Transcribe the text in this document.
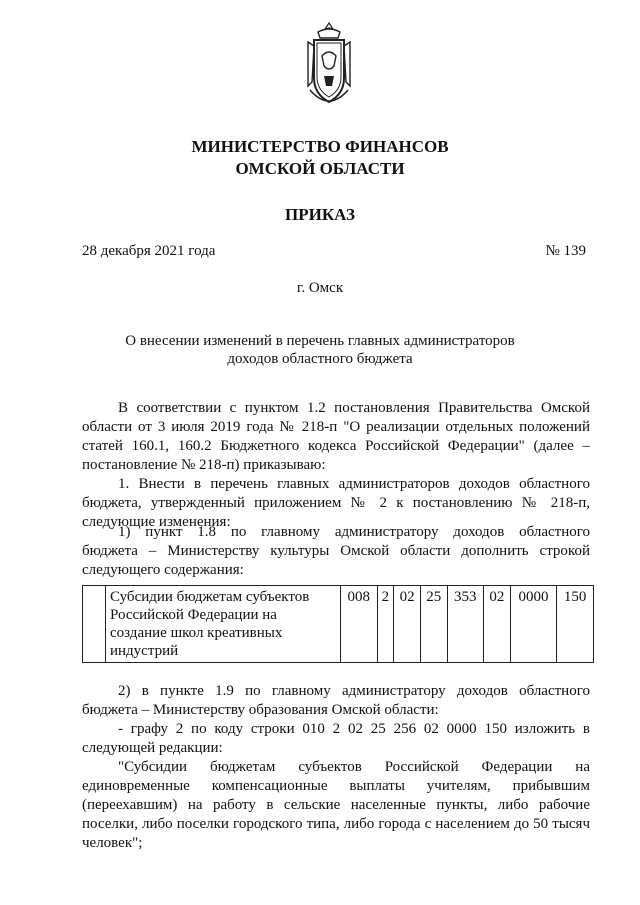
МИНИСТЕРСТВО ФИНАНСОВ
ОМСКОЙ ОБЛАСТИ
ПРИКАЗ
28 декабря 2021 года	№ 139
г. Омск
О внесении изменений в перечень главных администраторов
доходов областного бюджета
В соответствии с пунктом 1.2 постановления Правительства Омской
области от 3 июля 2019 года № 218-п "О реализации отдельных положений
статей 160.1, 160.2 Бюджетного кодекса Российской Федерации" (далее –
постановление № 218-п) приказываю:
1. Внести в перечень главных администраторов доходов областного
бюджета, утвержденный приложением № 2 к постановлению № 218-п,
следующие изменения:
1) пункт 1.8 по главному администратору доходов областного
бюджета – Министерству культуры Омской области дополнить строкой
следующего содержания:

Субсидии бюджетам субъектов
Российской Федерации на
создание школ креативных
индустрий
	008	2	02	25	353	02	0000	150
2) в пункте 1.9 по главному администратору доходов областного
бюджета – Министерству образования Омской области:
- графу 2 по коду строки 010 2 02 25 256 02 0000 150 изложить в
следующей редакции:
"Субсидии бюджетам субъектов Российской Федерации на
единовременные компенсационные выплаты учителям, прибывшим
(переехавшим) на работу в сельские населенные пункты, либо рабочие
поселки, либо поселки городского типа, либо города с населением до 50 тысяч
человек";
